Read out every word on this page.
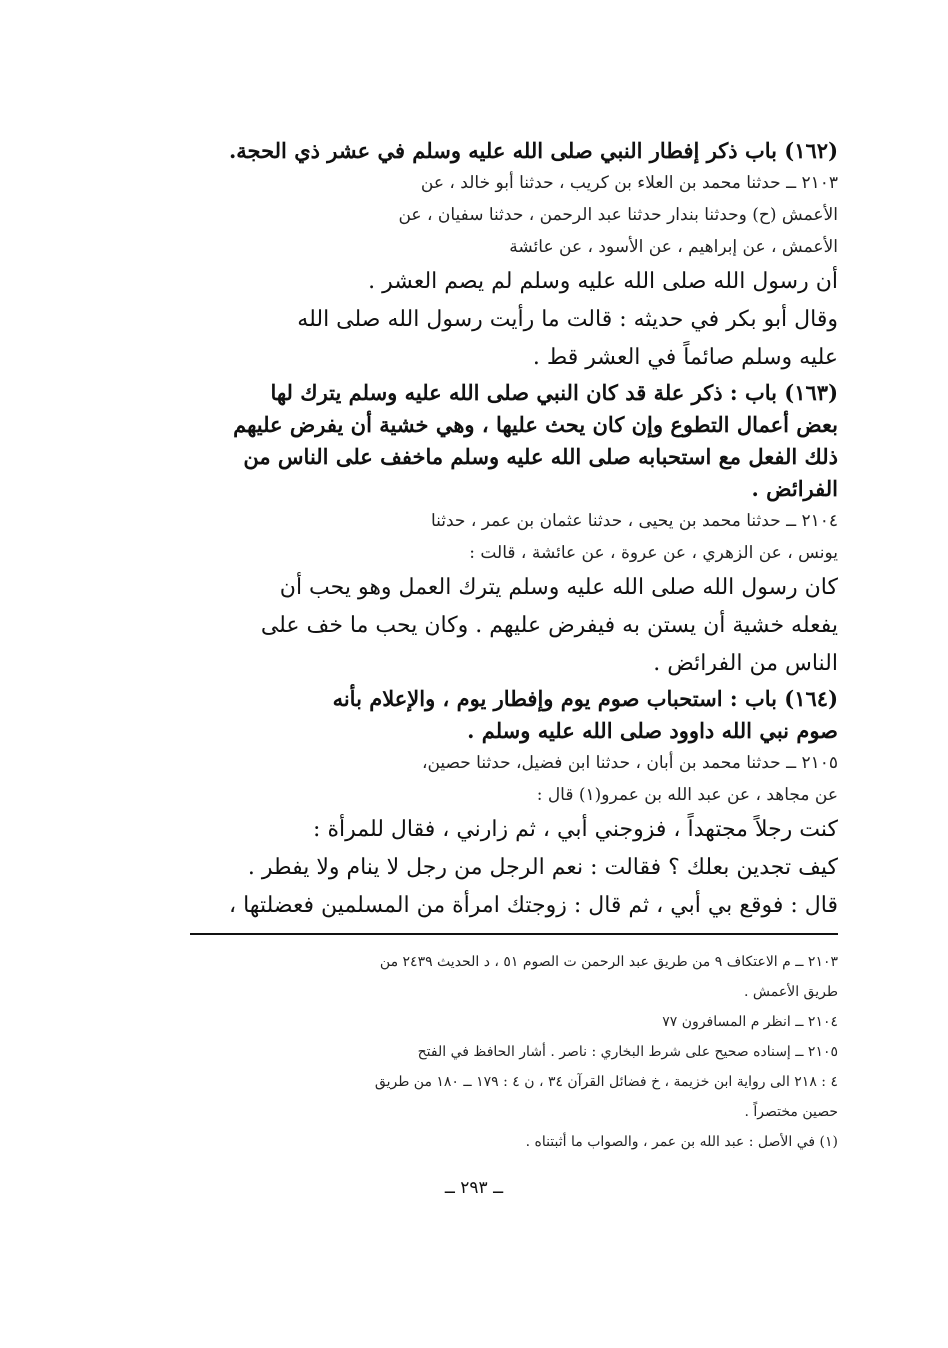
(١٦٢) باب ذكر إفطار النبي صلى الله عليه وسلم في عشر ذي الحجة.
٢١٠٣ ــ حدثنا محمد بن العلاء بن كريب ، حدثنا أبو خالد ، عن
الأعمش (ح) وحدثنا بندار حدثنا عبد الرحمن ، حدثنا سفيان ، عن
الأعمش ، عن إبراهيم ، عن الأسود ، عن عائشة
أن رسول الله صلى الله عليه وسلم لم يصم العشر .
وقال أبو بكر في حديثه : قالت ما رأيت رسول الله صلى الله
عليه وسلم صائماً في العشر قط .
(١٦٣) باب : ذكر علة قد كان النبي صلى الله عليه وسلم يترك لها
بعض أعمال التطوع وإن كان يحث عليها ، وهي خشية أن يفرض عليهم
ذلك الفعل مع استحبابه صلى الله عليه وسلم ماخفف على الناس من
الفرائض .
٢١٠٤ ــ حدثنا محمد بن يحيى ، حدثنا عثمان بن عمر ، حدثنا
يونس ، عن الزهري ، عن عروة ، عن عائشة ، قالت :
كان رسول الله صلى الله عليه وسلم يترك العمل وهو يحب أن
يفعله خشية أن يستن به فيفرض عليهم . وكان يحب ما خف على
الناس من الفرائض .
(١٦٤) باب : استحباب صوم يوم وإفطار يوم ، والإعلام بأنه
صوم نبي الله داوود صلى الله عليه وسلم .
٢١٠٥ ــ حدثنا محمد بن أبان ، حدثنا ابن فضيل، حدثنا حصين،
عن مجاهد ، عن عبد الله بن عمرو(١) قال :
كنت رجلاً مجتهداً ، فزوجني أبي ، ثم زارني ، فقال للمرأة :
كيف تجدين بعلك ؟ فقالت : نعم الرجل من رجل لا ينام ولا يفطر .
قال : فوقع بي أبي ، ثم قال : زوجتك امرأة من المسلمين فعضلتها ،
٢١٠٣ ــ م الاعتكاف ٩ من طريق عبد الرحمن ت الصوم ٥١ ، د الحديث ٢٤٣٩ من
طريق الأعمش .
٢١٠٤ ــ انظر م المسافرون ٧٧
٢١٠٥ ــ إسناده صحيح على شرط البخاري : ناصر . أشار الحافظ في الفتح
٤ : ٢١٨ الى رواية ابن خزيمة ، خ فضائل القرآن ٣٤ ، ن ٤ : ١٧٩ ــ ١٨٠ من طريق
حصين مختصراً .
(١) في الأصل : عبد الله بن عمر ، والصواب ما أثبتناه .
ــ ٢٩٣ ــ
